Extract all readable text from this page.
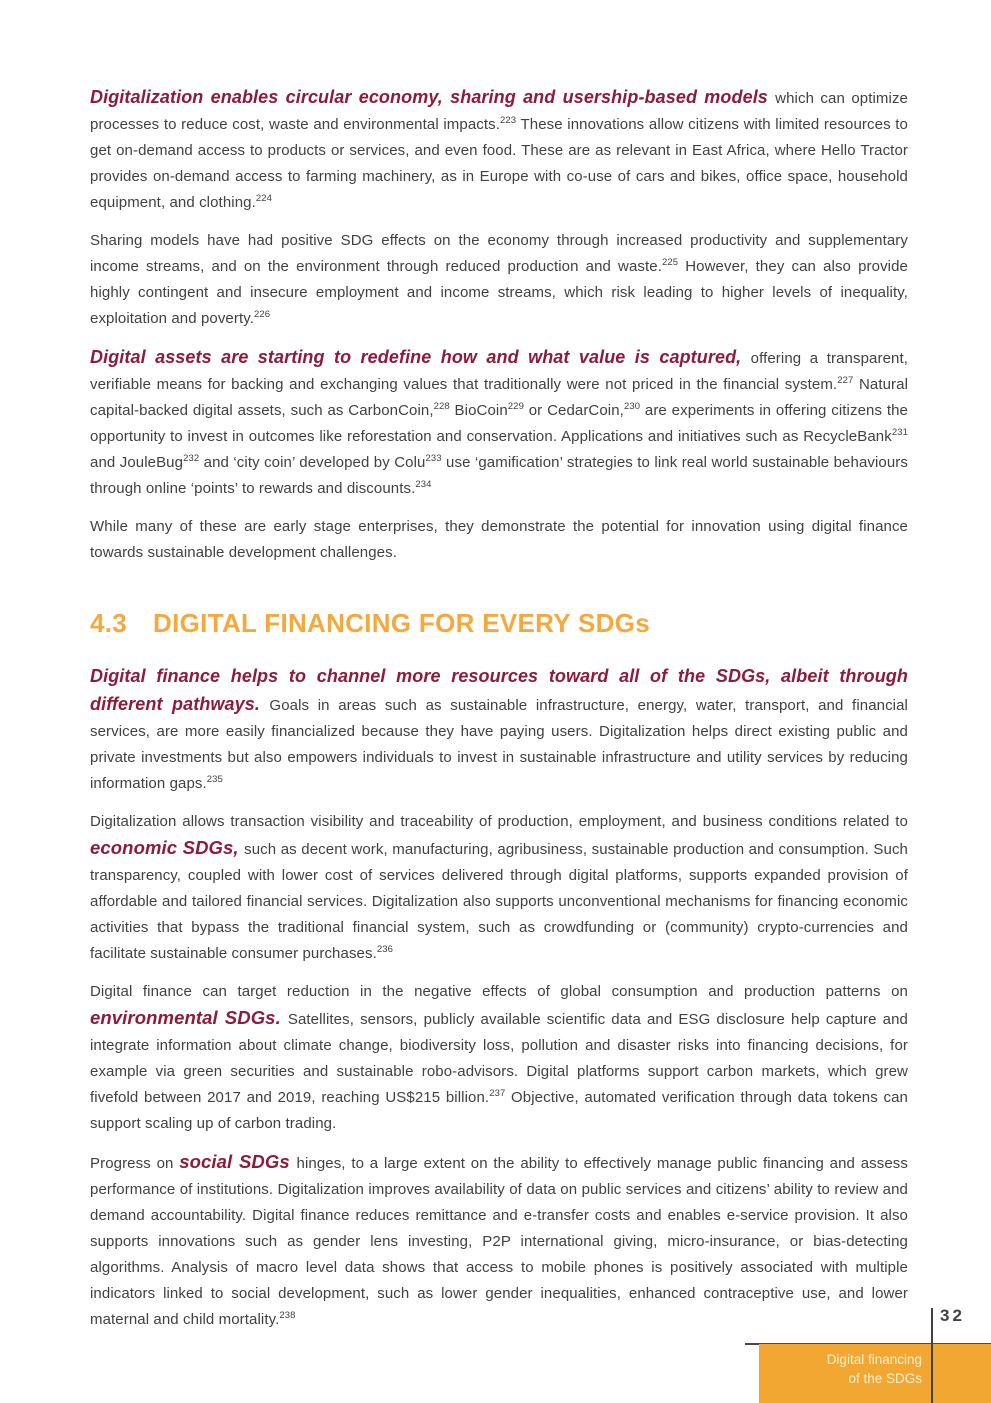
Digitalization enables circular economy, sharing and usership-based models which can optimize processes to reduce cost, waste and environmental impacts.$^{223}$ These innovations allow citizens with limited resources to get on-demand access to products or services, and even food. These are as relevant in East Africa, where Hello Tractor provides on-demand access to farming machinery, as in Europe with co-use of cars and bikes, office space, household equipment, and clothing.$^{224}$

Sharing models have had positive SDG effects on the economy through increased productivity and supplementary income streams, and on the environment through reduced production and waste.$^{225}$ However, they can also provide highly contingent and insecure employment and income streams, which risk leading to higher levels of inequality, exploitation and poverty.$^{226}$

Digital assets are starting to redefine how and what value is captured, offering a transparent, verifiable means for backing and exchanging values that traditionally were not priced in the financial system.$^{227}$ Natural capital-backed digital assets, such as CarbonCoin,$^{228}$ BioCoin$^{229}$ or CedarCoin,$^{230}$ are experiments in offering citizens the opportunity to invest in outcomes like reforestation and conservation. Applications and initiatives such as RecycleBank$^{231}$ and JouleBug$^{232}$ and ‘city coin’ developed by Colu$^{233}$ use ‘gamification’ strategies to link real world sustainable behaviours through online ‘points’ to rewards and discounts.$^{234}$

While many of these are early stage enterprises, they demonstrate the potential for innovation using digital finance towards sustainable development challenges.

4.3 DIGITAL FINANCING FOR EVERY SDGs

Digital finance helps to channel more resources toward all of the SDGs, albeit through different pathways. Goals in areas such as sustainable infrastructure, energy, water, transport, and financial services, are more easily financialized because they have paying users. Digitalization helps direct existing public and private investments but also empowers individuals to invest in sustainable infrastructure and utility services by reducing information gaps.$^{235}$

Digitalization allows transaction visibility and traceability of production, employment, and business conditions related to economic SDGs, such as decent work, manufacturing, agribusiness, sustainable production and consumption. Such transparency, coupled with lower cost of services delivered through digital platforms, supports expanded provision of affordable and tailored financial services. Digitalization also supports unconventional mechanisms for financing economic activities that bypass the traditional financial system, such as crowdfunding or (community) crypto-currencies and facilitate sustainable consumer purchases.$^{236}$

Digital finance can target reduction in the negative effects of global consumption and production patterns on environmental SDGs. Satellites, sensors, publicly available scientific data and ESG disclosure help capture and integrate information about climate change, biodiversity loss, pollution and disaster risks into financing decisions, for example via green securities and sustainable robo-advisors. Digital platforms support carbon markets, which grew fivefold between 2017 and 2019, reaching US$215 billion.$^{237}$ Objective, automated verification through data tokens can support scaling up of carbon trading.

Progress on social SDGs hinges, to a large extent on the ability to effectively manage public financing and assess performance of institutions. Digitalization improves availability of data on public services and citizens’ ability to review and demand accountability. Digital finance reduces remittance and e-transfer costs and enables e-service provision. It also supports innovations such as gender lens investing, P2P international giving, micro-insurance, or bias-detecting algorithms. Analysis of macro level data shows that access to mobile phones is positively associated with multiple indicators linked to social development, such as lower gender inequalities, enhanced contraceptive use, and lower maternal and child mortality.$^{238}$	32
Digital financing
of the SDGs
